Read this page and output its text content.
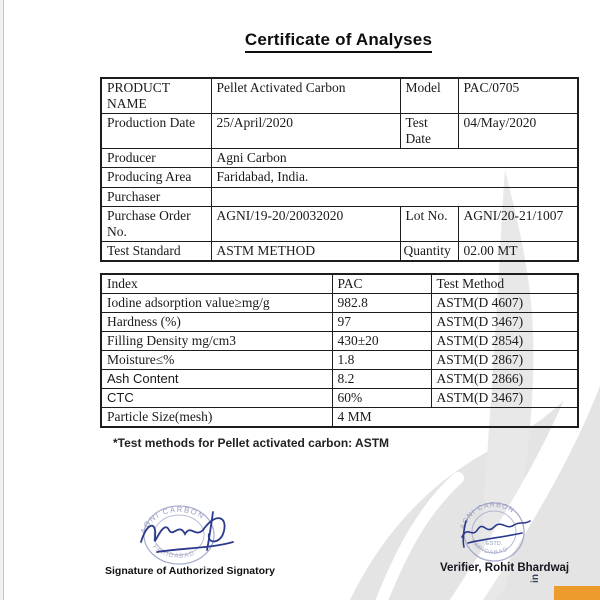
Certificate of Analyses
PRODUCT NAME	Pellet Activated Carbon	Model	PAC/0705
Production Date	25/April/2020	Test Date	04/May/2020
Producer	Agni Carbon		
Producing Area	Faridabad, India.		
Purchaser			
Purchase Order No.	AGNI/19-20/20032020	Lot No.	AGNI/20-21/1007
Test Standard	ASTM METHOD	Quantity	02.00 MT
Index	PAC	Test Method
Iodine adsorption value≥mg/g	982.8	ASTM(D 4607)
Hardness (%)	97	ASTM(D 3467)
Filling Density mg/cm3	430±20	ASTM(D 2854)
Moisture≤%	1.8	ASTM(D 2867)
Ash Content	8.2	ASTM(D 2866)
CTC	60%	ASTM(D 3467)
Particle Size(mesh)	4 MM	
*Test methods for Pellet activated carbon: ASTM
AGNI CARBON
FARIDABAD
Signature of Authorized Signatory
AGNI CARBON
ESTD.
FARIDABAD
Verifier, Rohit Bhardwaj
in
